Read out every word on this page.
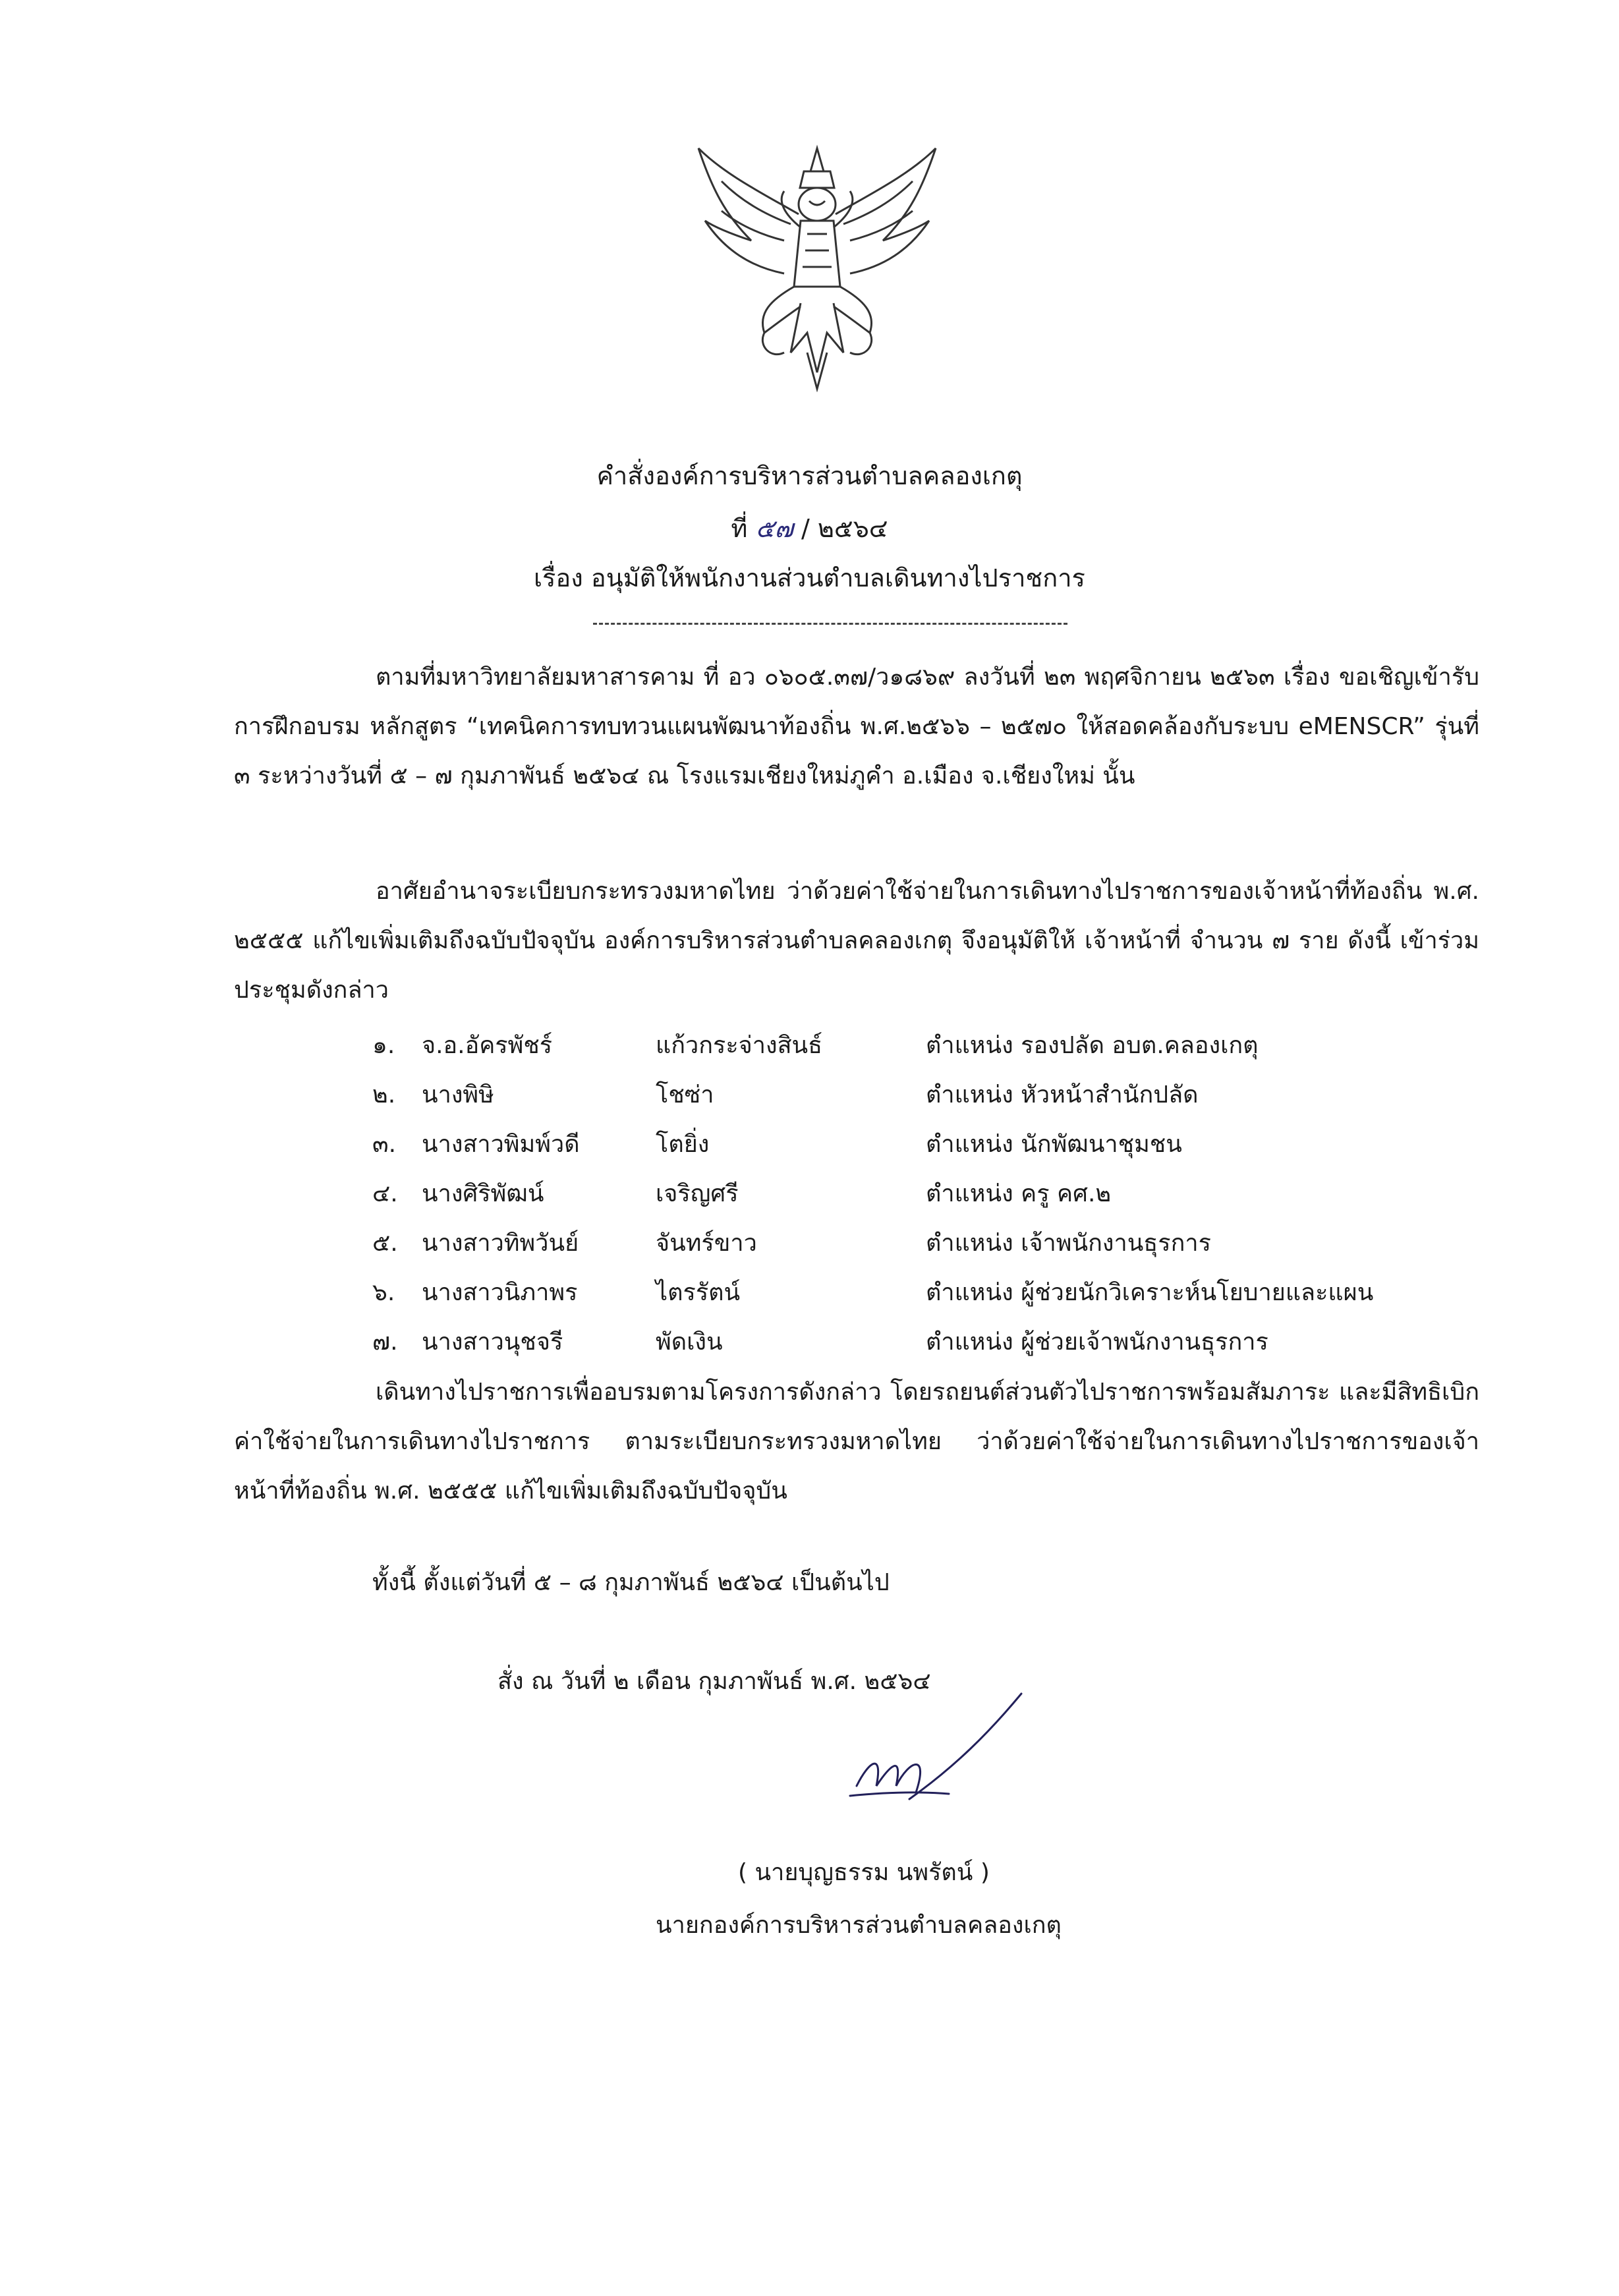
คำสั่งองค์การบริหารส่วนตำบลคลองเกตุ
ที่ ๕๗ / ๒๕๖๔
เรื่อง อนุมัติให้พนักงานส่วนตำบลเดินทางไปราชการ
ตามที่มหาวิทยาลัยมหาสารคาม ที่ อว ๐๖๐๕.๓๗/ว๑๘๖๙ ลงวันที่ ๒๓ พฤศจิกายน ๒๕๖๓ เรื่อง ขอเชิญเข้ารับการฝึกอบรม หลักสูตร “เทคนิคการทบทวนแผนพัฒนาท้องถิ่น พ.ศ.๒๕๖๖ – ๒๕๗๐ ให้สอดคล้องกับระบบ eMENSCR” รุ่นที่ ๓ ระหว่างวันที่ ๕ – ๗ กุมภาพันธ์ ๒๕๖๔ ณ โรงแรมเชียงใหม่ภูคำ อ.เมือง จ.เชียงใหม่ นั้น
อาศัยอำนาจระเบียบกระทรวงมหาดไทย ว่าด้วยค่าใช้จ่ายในการเดินทางไปราชการของเจ้าหน้าที่ท้องถิ่น พ.ศ. ๒๕๕๕ แก้ไขเพิ่มเติมถึงฉบับปัจจุบัน องค์การบริหารส่วนตำบลคลองเกตุ จึงอนุมัติให้ เจ้าหน้าที่ จำนวน ๗ ราย ดังนี้ เข้าร่วมประชุมดังกล่าว
๑. จ.อ.อัครพัชร์	แก้วกระจ่างสินธ์	ตำแหน่ง รองปลัด อบต.คลองเกตุ
๒. นางพิษิ	โชซ่า	ตำแหน่ง หัวหน้าสำนักปลัด
๓. นางสาวพิมพ์วดี	โตยิ่ง	ตำแหน่ง นักพัฒนาชุมชน
๔. นางศิริพัฒน์	เจริญศรี	ตำแหน่ง ครู คศ.๒
๕. นางสาวทิพวันย์	จันทร์ขาว	ตำแหน่ง เจ้าพนักงานธุรการ
๖. นางสาวนิภาพร	ไตรรัตน์	ตำแหน่ง ผู้ช่วยนักวิเคราะห์นโยบายและแผน
๗. นางสาวนุชจรี	พัดเงิน	ตำแหน่ง ผู้ช่วยเจ้าพนักงานธุรการ
เดินทางไปราชการเพื่ออบรมตามโครงการดังกล่าว โดยรถยนต์ส่วนตัวไปราชการพร้อมสัมภาระ และมีสิทธิเบิกค่าใช้จ่ายในการเดินทางไปราชการ ตามระเบียบกระทรวงมหาดไทย ว่าด้วยค่าใช้จ่ายในการเดินทางไปราชการของเจ้าหน้าที่ท้องถิ่น พ.ศ. ๒๕๕๕ แก้ไขเพิ่มเติมถึงฉบับปัจจุบัน
ทั้งนี้ ตั้งแต่วันที่ ๕ – ๘ กุมภาพันธ์ ๒๕๖๔ เป็นต้นไป
สั่ง ณ วันที่ ๒ เดือน กุมภาพันธ์ พ.ศ. ๒๕๖๔
( นายบุญธรรม นพรัตน์ )
นายกองค์การบริหารส่วนตำบลคลองเกตุ
